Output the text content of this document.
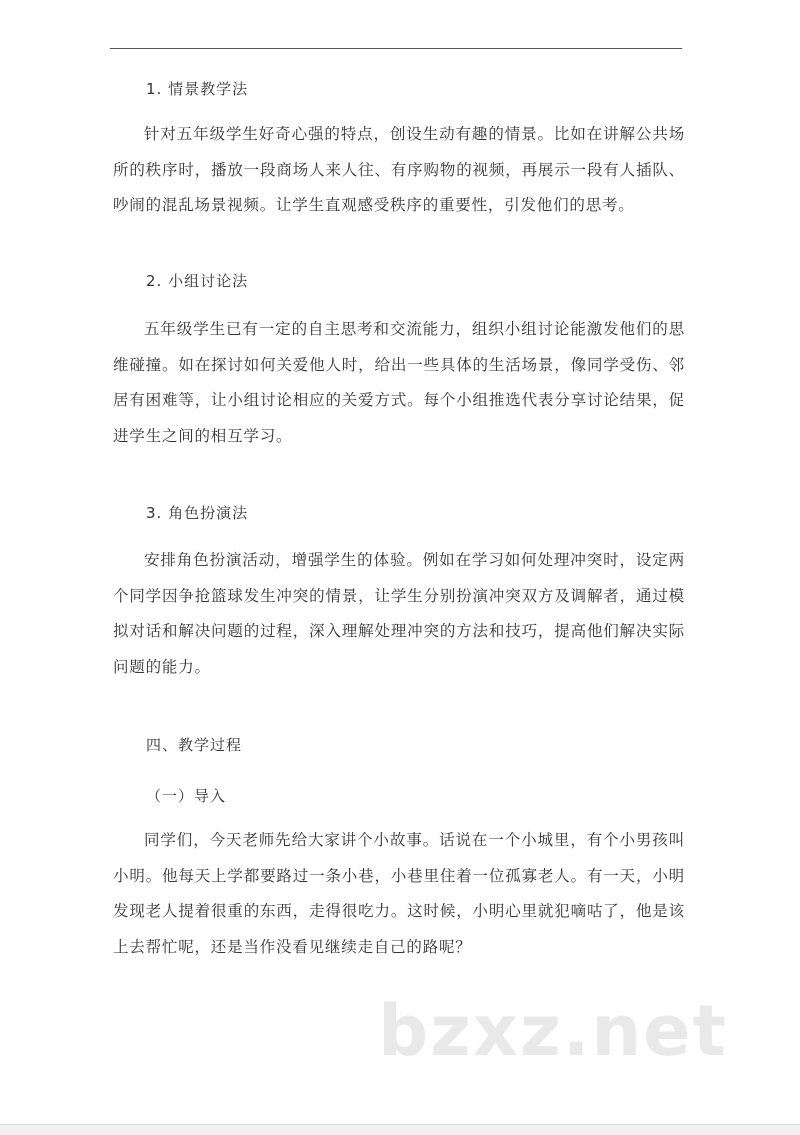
1. 情景教学法
针对五年级学生好奇心强的特点，创设生动有趣的情景。比如在讲解公共场所的秩序时，播放一段商场人来人往、有序购物的视频，再展示一段有人插队、吵闹的混乱场景视频。让学生直观感受秩序的重要性，引发他们的思考。
2. 小组讨论法
五年级学生已有一定的自主思考和交流能力，组织小组讨论能激发他们的思维碰撞。如在探讨如何关爱他人时，给出一些具体的生活场景，像同学受伤、邻居有困难等，让小组讨论相应的关爱方式。每个小组推选代表分享讨论结果，促进学生之间的相互学习。
3. 角色扮演法
安排角色扮演活动，增强学生的体验。例如在学习如何处理冲突时，设定两个同学因争抢篮球发生冲突的情景，让学生分别扮演冲突双方及调解者，通过模拟对话和解决问题的过程，深入理解处理冲突的方法和技巧，提高他们解决实际问题的能力。
四、教学过程
（一）导入
同学们，今天老师先给大家讲个小故事。话说在一个小城里，有个小男孩叫小明。他每天上学都要路过一条小巷，小巷里住着一位孤寡老人。有一天，小明发现老人提着很重的东西，走得很吃力。这时候，小明心里就犯嘀咕了，他是该上去帮忙呢，还是当作没看见继续走自己的路呢？
bzxz.net
